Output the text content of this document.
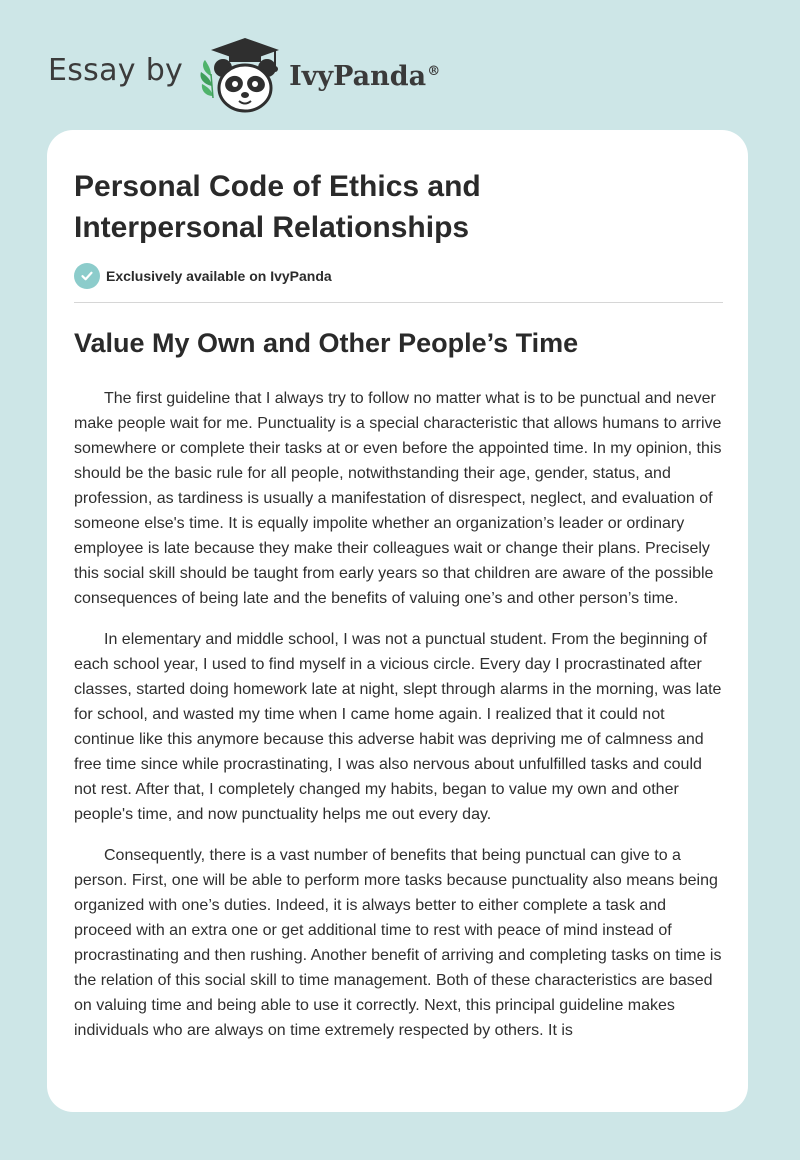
Essay by	IvyPanda®
Personal Code of Ethics and Interpersonal Relationships
Exclusively available on IvyPanda
Value My Own and Other People’s Time

The first guideline that I always try to follow no matter what is to be punctual and never make people wait for me. Punctuality is a special characteristic that allows humans to arrive somewhere or complete their tasks at or even before the appointed time. In my opinion, this should be the basic rule for all people, notwithstanding their age, gender, status, and profession, as tardiness is usually a manifestation of disrespect, neglect, and evaluation of someone else's time. It is equally impolite whether an organization’s leader or ordinary employee is late because they make their colleagues wait or change their plans. Precisely this social skill should be taught from early years so that children are aware of the possible consequences of being late and the benefits of valuing one’s and other person’s time.

In elementary and middle school, I was not a punctual student. From the beginning of each school year, I used to find myself in a vicious circle. Every day I procrastinated after classes, started doing homework late at night, slept through alarms in the morning, was late for school, and wasted my time when I came home again. I realized that it could not continue like this anymore because this adverse habit was depriving me of calmness and free time since while procrastinating, I was also nervous about unfulfilled tasks and could not rest. After that, I completely changed my habits, began to value my own and other people's time, and now punctuality helps me out every day.

Consequently, there is a vast number of benefits that being punctual can give to a person. First, one will be able to perform more tasks because punctuality also means being organized with one’s duties. Indeed, it is always better to either complete a task and proceed with an extra one or get additional time to rest with peace of mind instead of procrastinating and then rushing. Another benefit of arriving and completing tasks on time is the relation of this social skill to time management. Both of these characteristics are based on valuing time and being able to use it correctly. Next, this principal guideline makes individuals who are always on time extremely respected by others. It is
